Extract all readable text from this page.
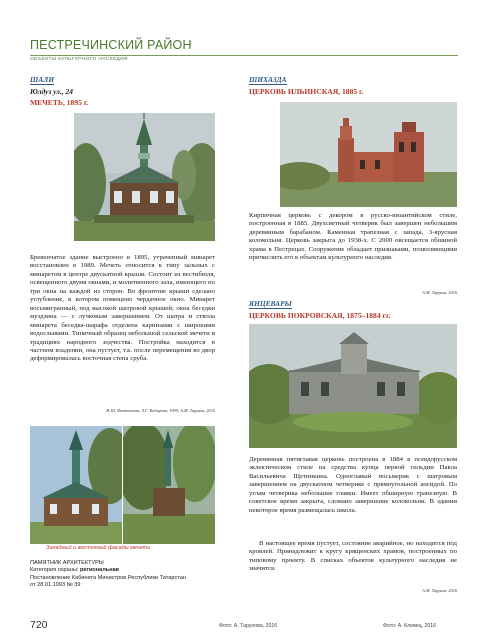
ПЕСТРЕЧИНСКИЙ РАЙОН
ОБЪЕКТЫ КУЛЬТУРНОГО НАСЛЕДИЯ
ШАЛИ
Юлдуз ул., 24
МЕЧЕТЬ, 1895 г.
Бревенчатое здание выстроено в 1895, утраченный минарет восстановлен в 1989. Мечеть относится к типу зальных с минаретом в центре двускатной крыши. Состоит из вестибюля, освещенного двумя окнами, и молитвенного зала, имеющего по три окна на каждой из сторон. Во фронтоне крыши сделано углубление, в котором помещено чердачное окно. Минарет восьмигранный, под высокой шатровой крышей; окна беседки муэдзина — с лучковым завершением. От шатра и ствола минарета беседка-шарафа отделена карнизами с широкими водослывами. Типичный образец небольшой сельской мечети в традициях народного зодчества. Постройка находится в частном владении, она пустует, т.к. после перемещения во двор деформировалась восточная стена сруба.
Н.Ш. Фаттахова, Л.Г. Кабирова, 1999; А.М. Тарунов, 2016
Западный и восточный фасады мечети
ПАМЯТНИК АРХИТЕКТУРЫ
Категория охраны: региональная
Постановление Кабинета Министров Республики Татарстан
от 28.01.1993 № 39
ШИХАЗДА
ЦЕРКОВЬ ИЛЬИНСКАЯ, 1885 г.
Кирпичная церковь с декором в русско-византийском стиле, построенная в 1885. Двухсветный четверик был завершен небольшим деревянным барабаном. Каменная трапезная с запада, 3-ярусная колокольня. Церковь закрыта до 1938-х. С 2000 овсещается обшиной храма в Пестрецах. Сооружение обладает признаками, позволяющими причислить его к объектам культурного наследия.
А.М. Тарунов, 2016
ЯНЦЕВАРЫ
ЦЕРКОВЬ ПОКРОВСКАЯ, 1875–1884 гг.
Деревянная пятиглавая церковь построена в 1884 в псевдорусском эклектическом стиле на средства купца первой гильдии Павла Васильевича Щетинкина. Одноглавый восьмерик с шатровым завершением на двускатном четверике с прямоугольной апсидой. По углам четверика небольшие главки. Имеет обширную трапезную. В советское время закрыта, сломано завершение колокольни. В здании некоторое время размещалась школа.
В настоящее время пустует, состояние аварийное, но находится под кровлей. Принадлежит к кругу крященских храмов, построенных по типовому проекту. В списках объектов культурного наследия не значится.
А.М. Тарунов, 2016
720	Фото: А. Тарунова, 2016	Фото: А. Клевец, 2016
